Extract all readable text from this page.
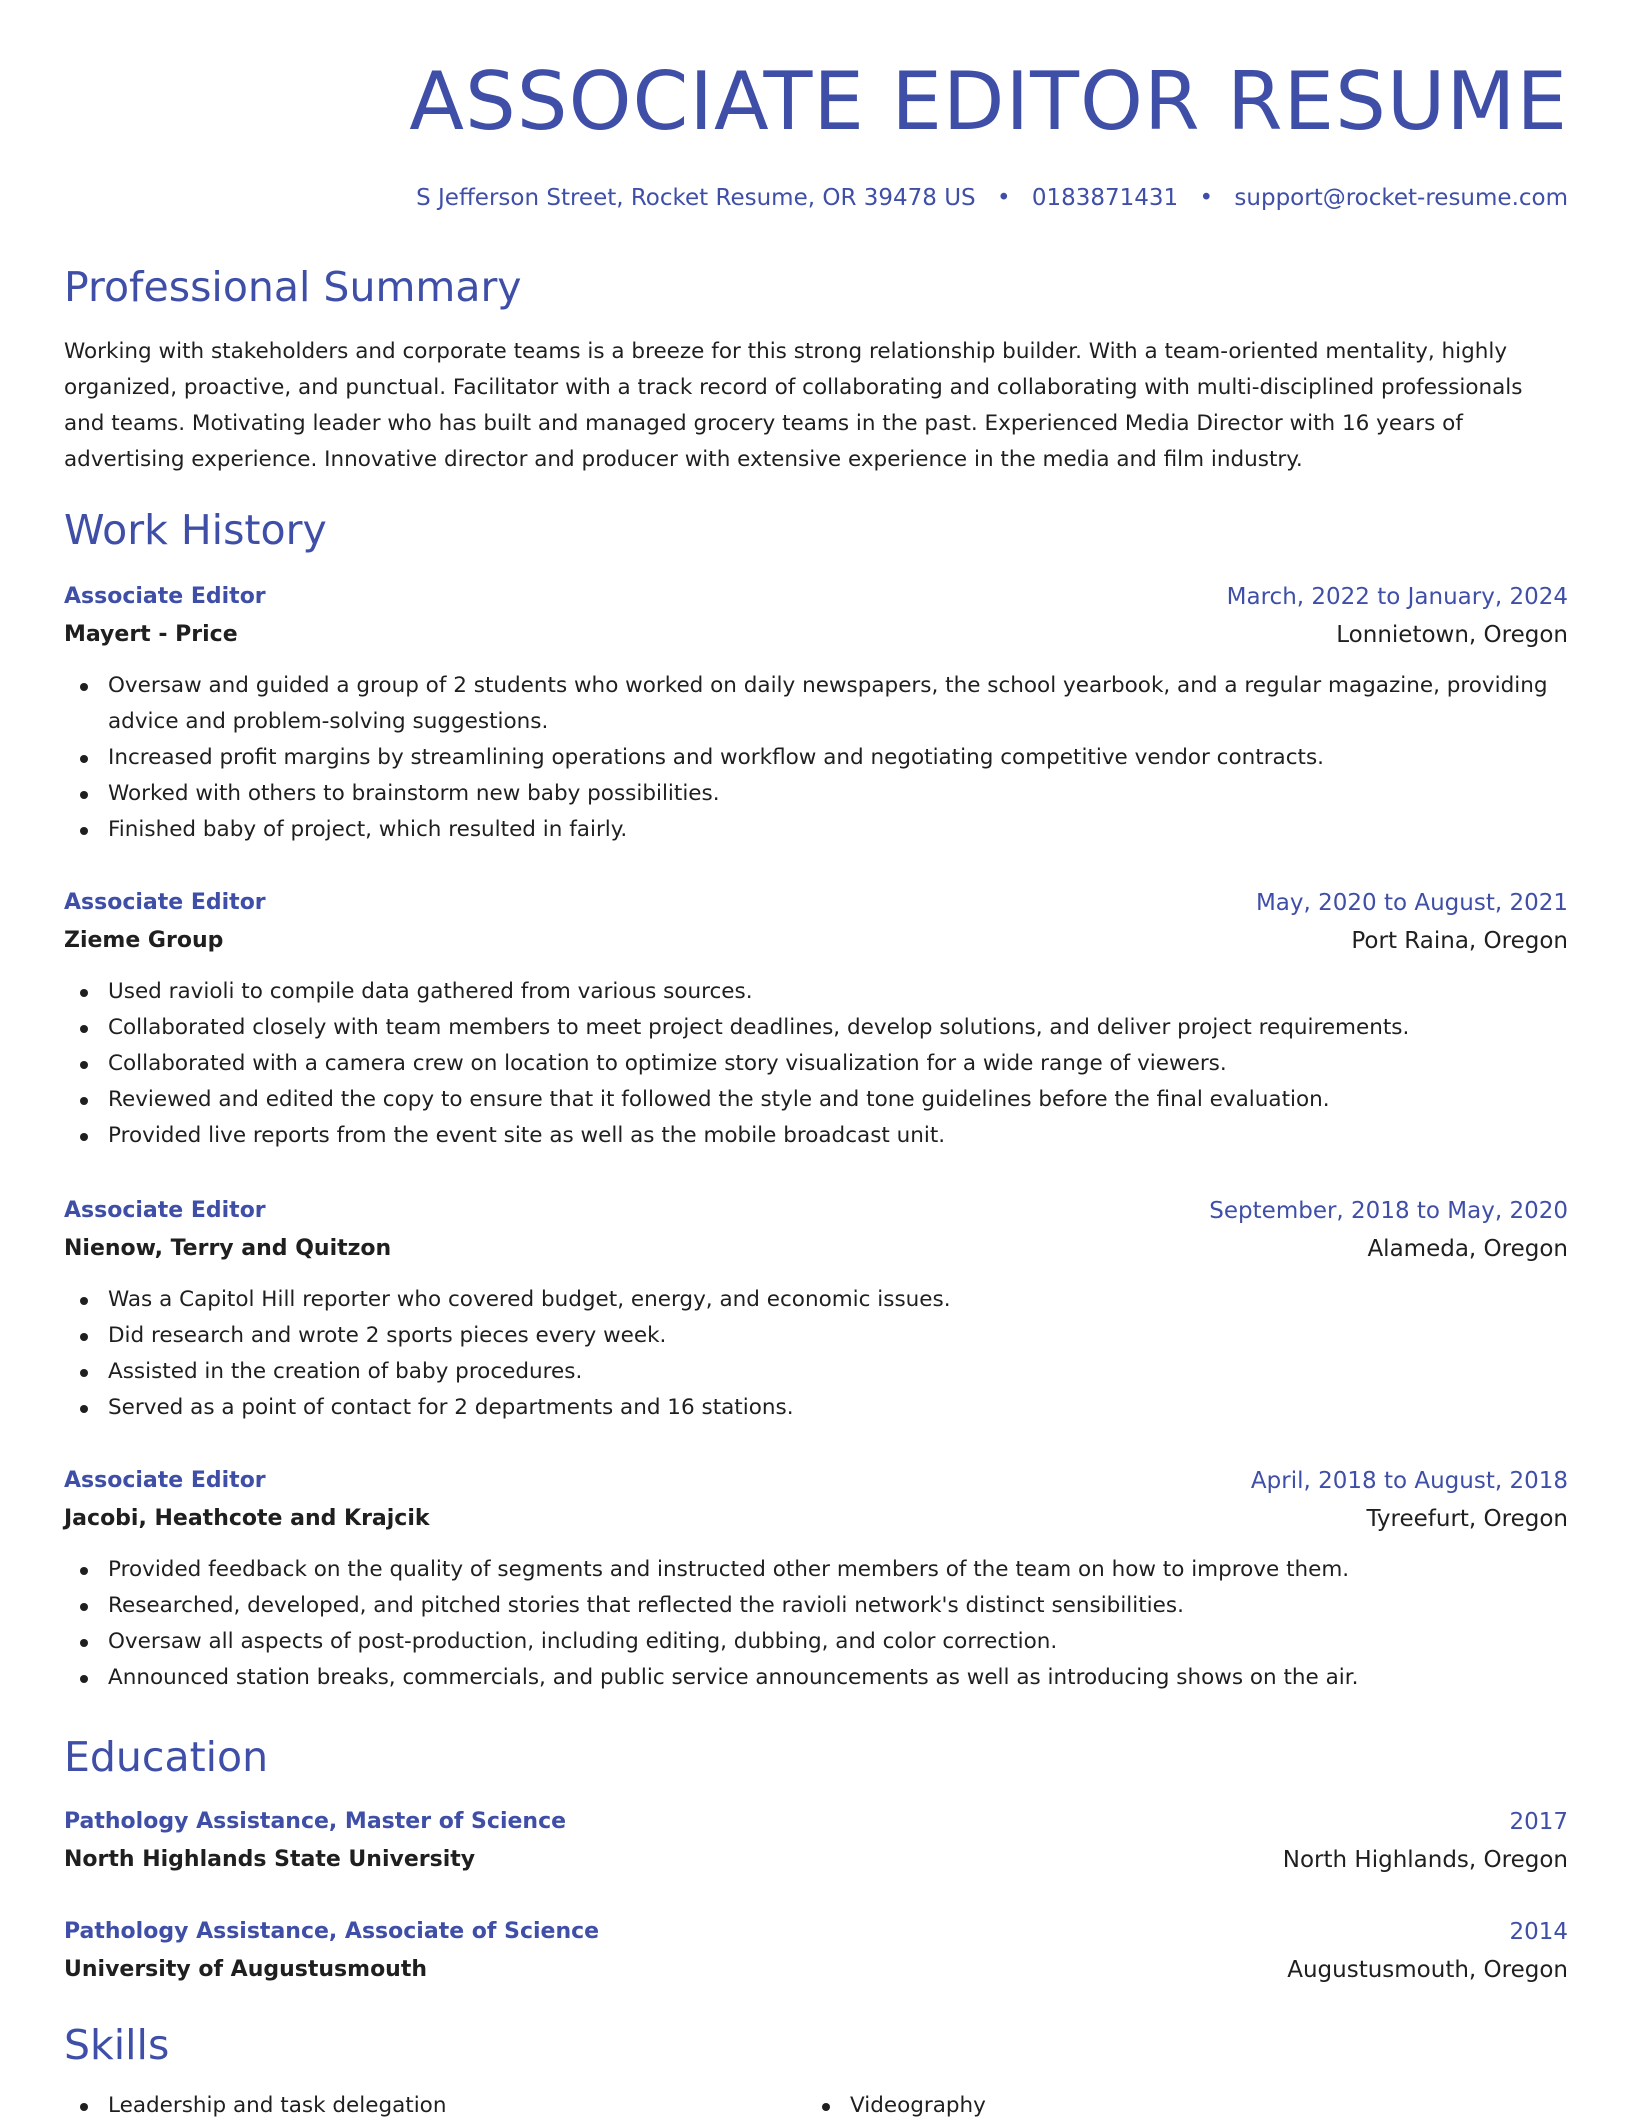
ASSOCIATE EDITOR RESUME
S Jefferson Street, Rocket Resume, OR 39478 US • 0183871431 • support@rocket-resume.com
Professional Summary

Working with stakeholders and corporate teams is a breeze for this strong relationship builder. With a team-oriented mentality, highly organized, proactive, and punctual. Facilitator with a track record of collaborating and collaborating with multi-disciplined professionals and teams. Motivating leader who has built and managed grocery teams in the past. Experienced Media Director with 16 years of advertising experience. Innovative director and producer with extensive experience in the media and film industry.

Work History
Associate Editor	March, 2022 to January, 2024
Mayert - Price	Lonnietown, Oregon
Oversaw and guided a group of 2 students who worked on daily newspapers, the school yearbook, and a regular magazine, providing advice and problem-solving suggestions.
Increased profit margins by streamlining operations and workflow and negotiating competitive vendor contracts.
Worked with others to brainstorm new baby possibilities.
Finished baby of project, which resulted in fairly.
Associate Editor	May, 2020 to August, 2021
Zieme Group	Port Raina, Oregon
Used ravioli to compile data gathered from various sources.
Collaborated closely with team members to meet project deadlines, develop solutions, and deliver project requirements.
Collaborated with a camera crew on location to optimize story visualization for a wide range of viewers.
Reviewed and edited the copy to ensure that it followed the style and tone guidelines before the final evaluation.
Provided live reports from the event site as well as the mobile broadcast unit.
Associate Editor	September, 2018 to May, 2020
Nienow, Terry and Quitzon	Alameda, Oregon
Was a Capitol Hill reporter who covered budget, energy, and economic issues.
Did research and wrote 2 sports pieces every week.
Assisted in the creation of baby procedures.
Served as a point of contact for 2 departments and 16 stations.
Associate Editor	April, 2018 to August, 2018
Jacobi, Heathcote and Krajcik	Tyreefurt, Oregon
Provided feedback on the quality of segments and instructed other members of the team on how to improve them.
Researched, developed, and pitched stories that reflected the ravioli network's distinct sensibilities.
Oversaw all aspects of post-production, including editing, dubbing, and color correction.
Announced station breaks, commercials, and public service announcements as well as introducing shows on the air.
Education
Pathology Assistance, Master of Science	2017
North Highlands State University	North Highlands, Oregon
Pathology Assistance, Associate of Science	2014
University of Augustusmouth	Augustusmouth, Oregon
Skills
Leadership and task delegation	Videography
